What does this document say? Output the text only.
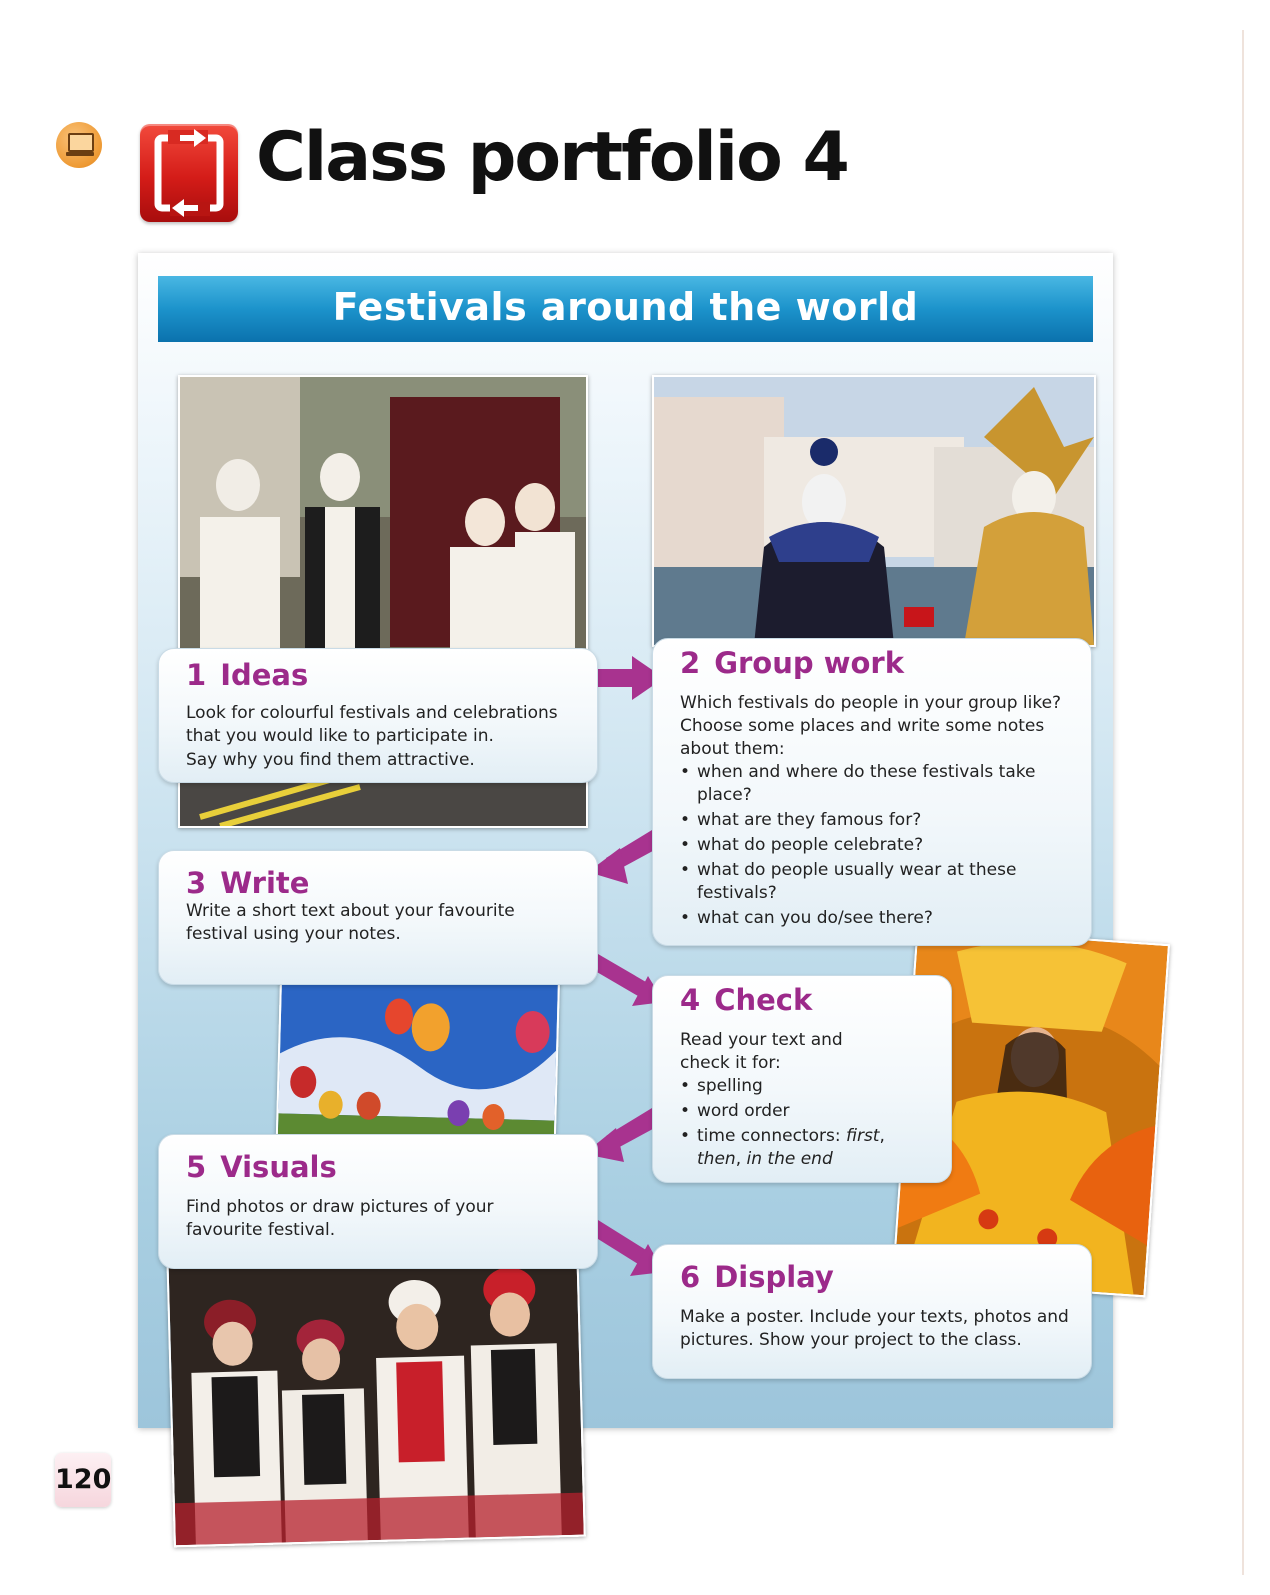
Class portfolio 4
Festivals around the world
1 Ideas

Look for colourful festivals and celebrations that you would like to participate in.

Say why you find them attractive.

2 Group work

Which festivals do people in your group like?

Choose some places and write some notes about them:

• when and where do these festivals take place?
• what are they famous for?
• what do people celebrate?
• what do people usually wear at these festivals?
• what can you do/see there?
3 Write

Write a short text about your favourite festival using your notes.

4 Check

Read your text and check it for:

• spelling
• word order
• time connectors: first, then, in the end
5 Visuals

Find photos or draw pictures of your favourite festival.

6 Display

Make a poster. Include your texts, photos and pictures. Show your project to the class.

120
